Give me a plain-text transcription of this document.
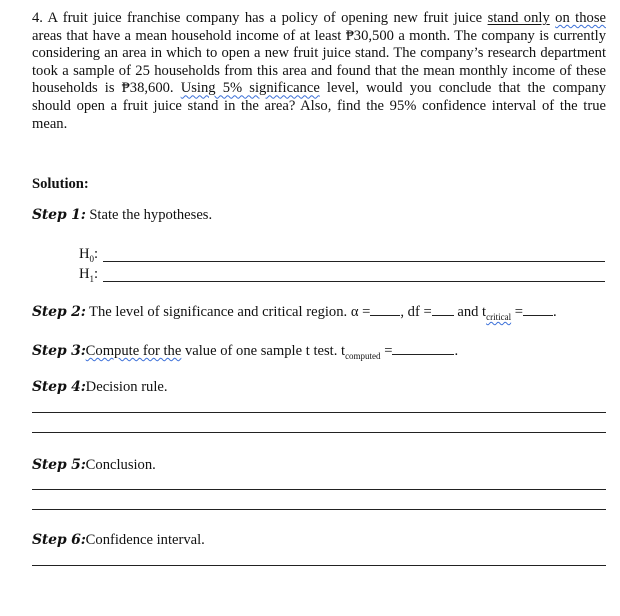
4. A fruit juice franchise company has a policy of opening new fruit juice stand only on those areas that have a mean household income of at least ₱30,500 a month. The company is currently considering an area in which to open a new fruit juice stand. The company’s research department took a sample of 25 households from this area and found that the mean monthly income of these households is ₱38,600. Using 5% significance level, would you conclude that the company should open a fruit juice stand in the area? Also, find the 95% confidence interval of the true mean.

Solution:
Step 1: State the hypotheses.
$H_0$:
$H_1$:
Step 2: The level of significance and critical region. α = , df = and $t_{critical}$ = .
Step 3:Compute for the value of one sample t test. $t_{computed}$ =	.
Step 4:Decision rule.
Step 5:Conclusion.
Step 6:Confidence interval.
